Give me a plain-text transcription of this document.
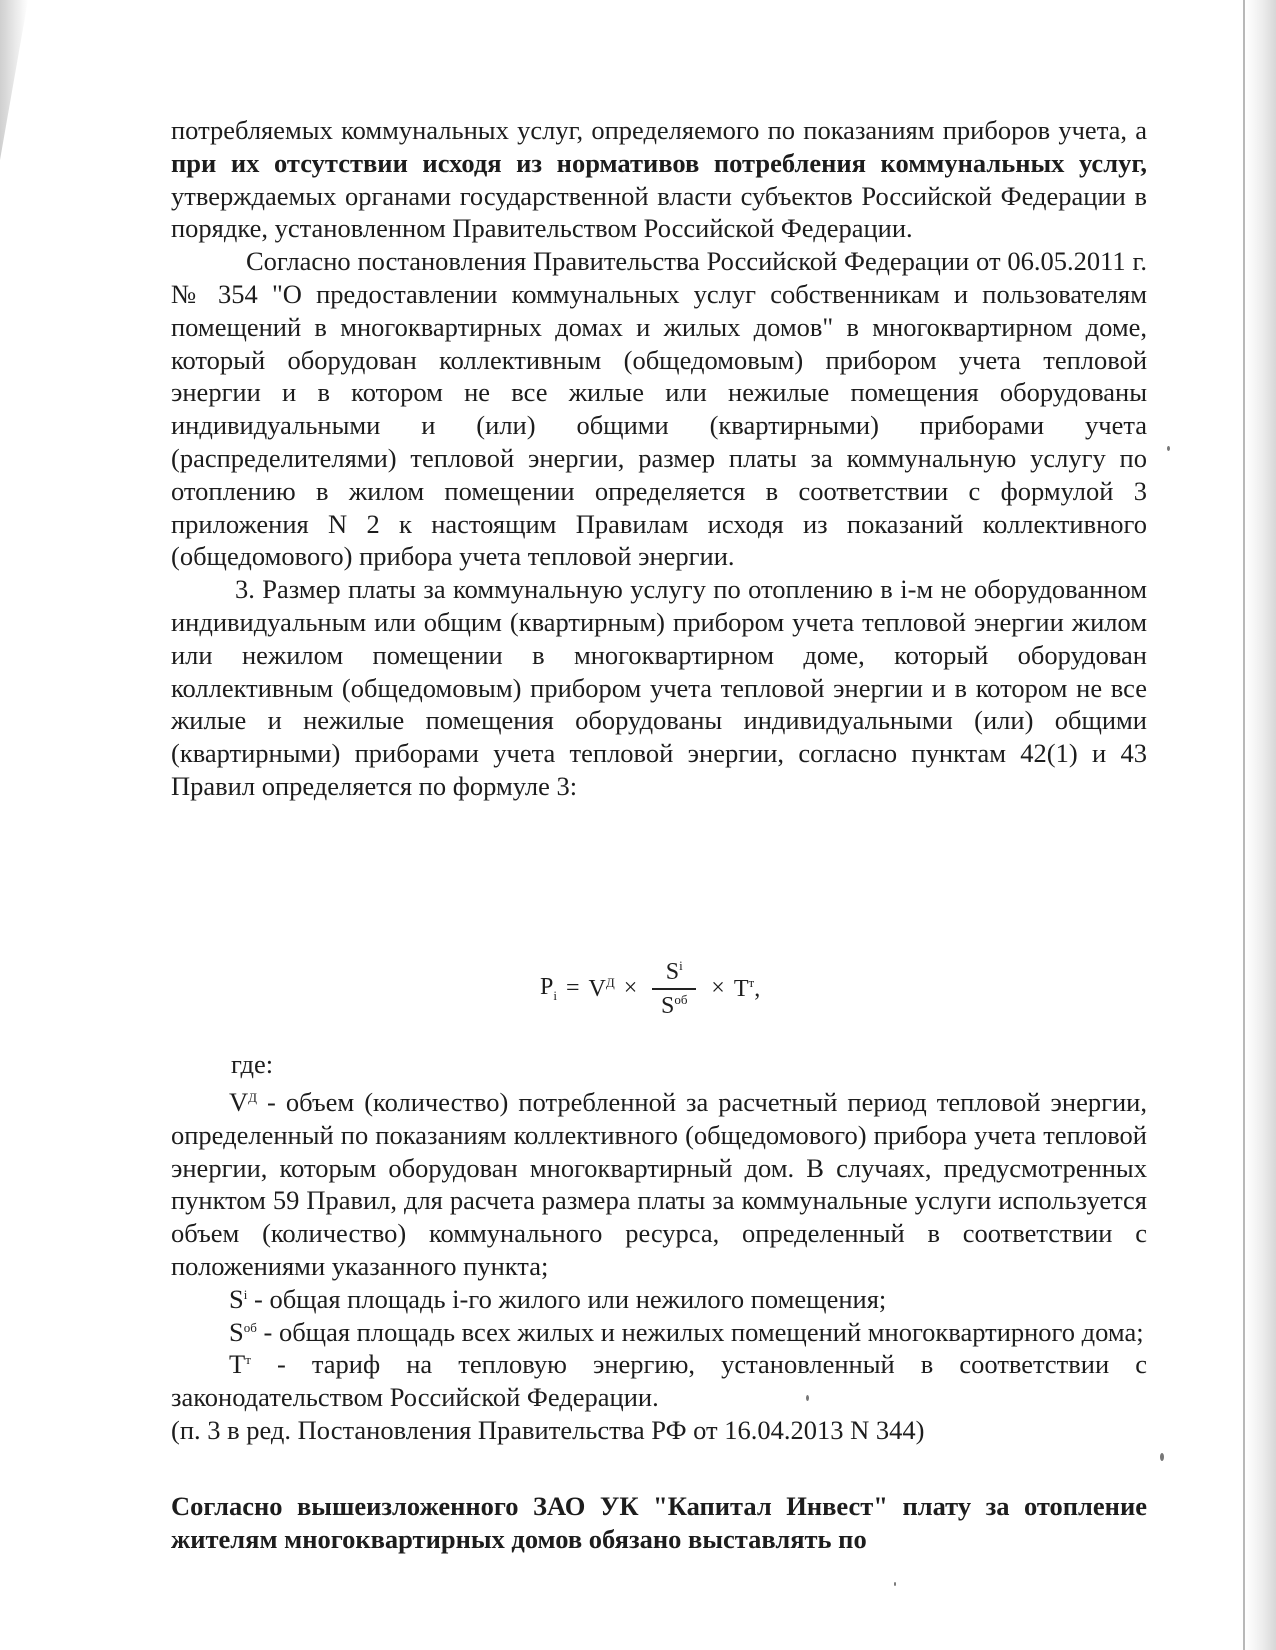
потребляемых коммунальных услуг, определяемого по показаниям приборов учета, а при их отсутствии исходя из нормативов потребления коммунальных услуг, утверждаемых органами государственной власти субъектов Российской Федерации в порядке, установленном Правительством Российской Федерации.

Согласно постановления Правительства Российской Федерации от 06.05.2011 г. № 354 "О предоставлении коммунальных услуг собственникам и пользователям помещений в многоквартирных домах и жилых домов" в многоквартирном доме, который оборудован коллективным (общедомовым) прибором учета тепловой энергии и в котором не все жилые или нежилые помещения оборудованы индивидуальными и (или) общими (квартирными) приборами учета (распределителями) тепловой энергии, размер платы за коммунальную услугу по отоплению в жилом помещении определяется в соответствии с формулой 3 приложения N 2 к настоящим Правилам исходя из показаний коллективного (общедомового) прибора учета тепловой энергии.

3. Размер платы за коммунальную услугу по отоплению в i-м не оборудованном индивидуальным или общим (квартирным) прибором учета тепловой энергии жилом или нежилом помещении в многоквартирном доме, который оборудован коллективным (общедомовым) прибором учета тепловой энергии и в котором не все жилые и нежилые помещения оборудованы индивидуальными (или) общими (квартирными) приборами учета тепловой энергии, согласно пунктам 42(1) и 43 Правил определяется по формуле 3:

$P_i = V^Д \times \frac{S^i}{S^{об}} \times T^т$,
где:

$V^Д$ - объем (количество) потребленной за расчетный период тепловой энергии, определенный по показаниям коллективного (общедомового) прибора учета тепловой энергии, которым оборудован многоквартирный дом. В случаях, предусмотренных пунктом 59 Правил, для расчета размера платы за коммунальные услуги используется объем (количество) коммунального ресурса, определенный в соответствии с положениями указанного пункта;

$S^i$ - общая площадь i-го жилого или нежилого помещения;

$S^{об}$ - общая площадь всех жилых и нежилых помещений многоквартирного дома;

$T^т$ - тариф на тепловую энергию, установленный в соответствии с законодательством Российской Федерации.

(п. 3 в ред. Постановления Правительства РФ от 16.04.2013 N 344)

Согласно вышеизложенного ЗАО УК "Капитал Инвест" плату за отопление жителям многоквартирных домов обязано выставлять по
